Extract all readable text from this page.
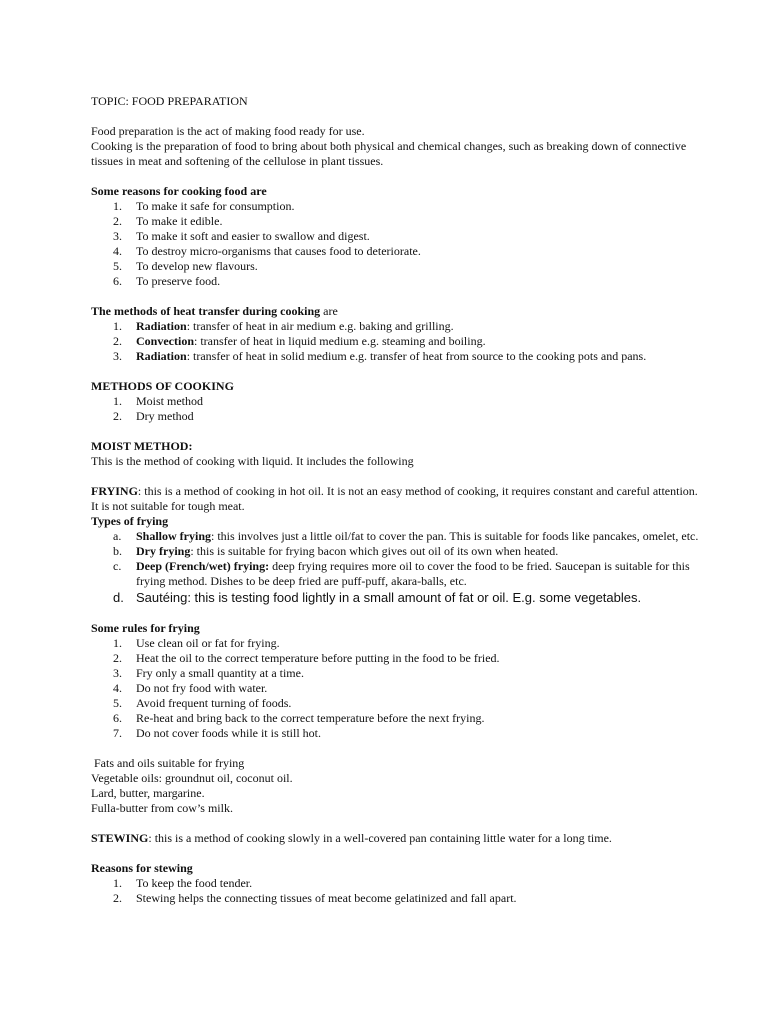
TOPIC: FOOD PREPARATION

Food preparation is the act of making food ready for use.

Cooking is the preparation of food to bring about both physical and chemical changes, such as breaking down of connective tissues in meat and softening of the cellulose in plant tissues.

Some reasons for cooking food are

1.	To make it safe for consumption.
2.	To make it edible.
3.	To make it soft and easier to swallow and digest.
4.	To destroy micro-organisms that causes food to deteriorate.
5.	To develop new flavours.
6.	To preserve food.

The methods of heat transfer during cooking are

1.	Radiation: transfer of heat in air medium e.g. baking and grilling.
2.	Convection: transfer of heat in liquid medium e.g. steaming and boiling.
3.	Radiation: transfer of heat in solid medium e.g. transfer of heat from source to the cooking pots and pans.

METHODS OF COOKING

1.	Moist method
2.	Dry method

MOIST METHOD:

This is the method of cooking with liquid. It includes the following

FRYING: this is a method of cooking in hot oil. It is not an easy method of cooking, it requires constant and careful attention. It is not suitable for tough meat.

Types of frying

a.	Shallow frying: this involves just a little oil/fat to cover the pan. This is suitable for foods like pancakes, omelet, etc.
b.	Dry frying: this is suitable for frying bacon which gives out oil of its own when heated.
c.	Deep (French/wet) frying: deep frying requires more oil to cover the food to be fried. Saucepan is suitable for this frying method. Dishes to be deep fried are puff-puff, akara-balls, etc.
d. Sautéing: this is testing food lightly in a small amount of fat or oil. E.g. some vegetables.

Some rules for frying

1.	Use clean oil or fat for frying.
2.	Heat the oil to the correct temperature before putting in the food to be fried.
3.	Fry only a small quantity at a time.
4.	Do not fry food with water.
5.	Avoid frequent turning of foods.
6.	Re-heat and bring back to the correct temperature before the next frying.
7.	Do not cover foods while it is still hot.

Fats and oils suitable for frying

Vegetable oils: groundnut oil, coconut oil.

Lard, butter, margarine.

Fulla-butter from cow’s milk.

STEWING: this is a method of cooking slowly in a well-covered pan containing little water for a long time.

Reasons for stewing

1.	To keep the food tender.
2.	Stewing helps the connecting tissues of meat become gelatinized and fall apart.
